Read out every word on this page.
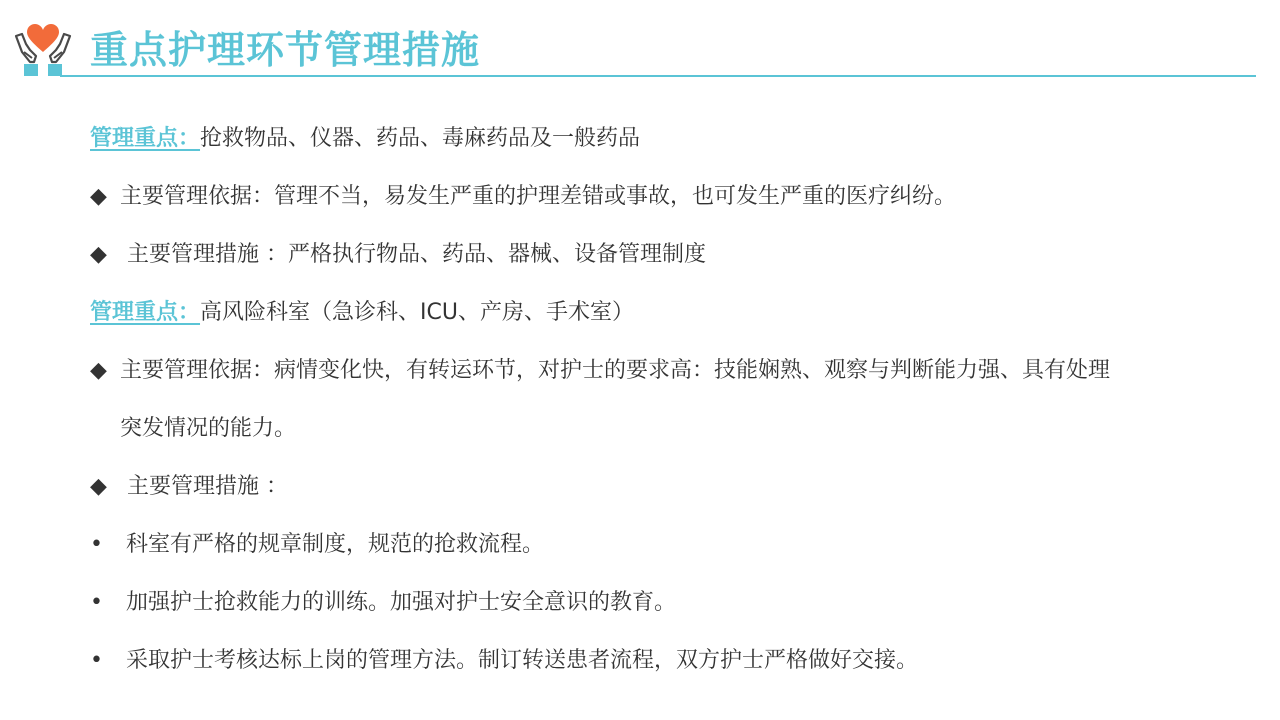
重点护理环节管理措施
管理重点：抢救物品、仪器、药品、毒麻药品及一般药品
◆ 主要管理依据：管理不当，易发生严重的护理差错或事故，也可发生严重的医疗纠纷。
◆ 主要管理措施 ：严格执行物品、药品、器械、设备管理制度
管理重点：高风险科室（急诊科、ICU、产房、手术室）
◆ 主要管理依据：病情变化快，有转运环节，对护士的要求高：技能娴熟、观察与判断能力强、具有处理
突发情况的能力。
◆ 主要管理措施 ：
• 科室有严格的规章制度，规范的抢救流程。
• 加强护士抢救能力的训练。加强对护士安全意识的教育。
• 采取护士考核达标上岗的管理方法。制订转送患者流程，双方护士严格做好交接。
